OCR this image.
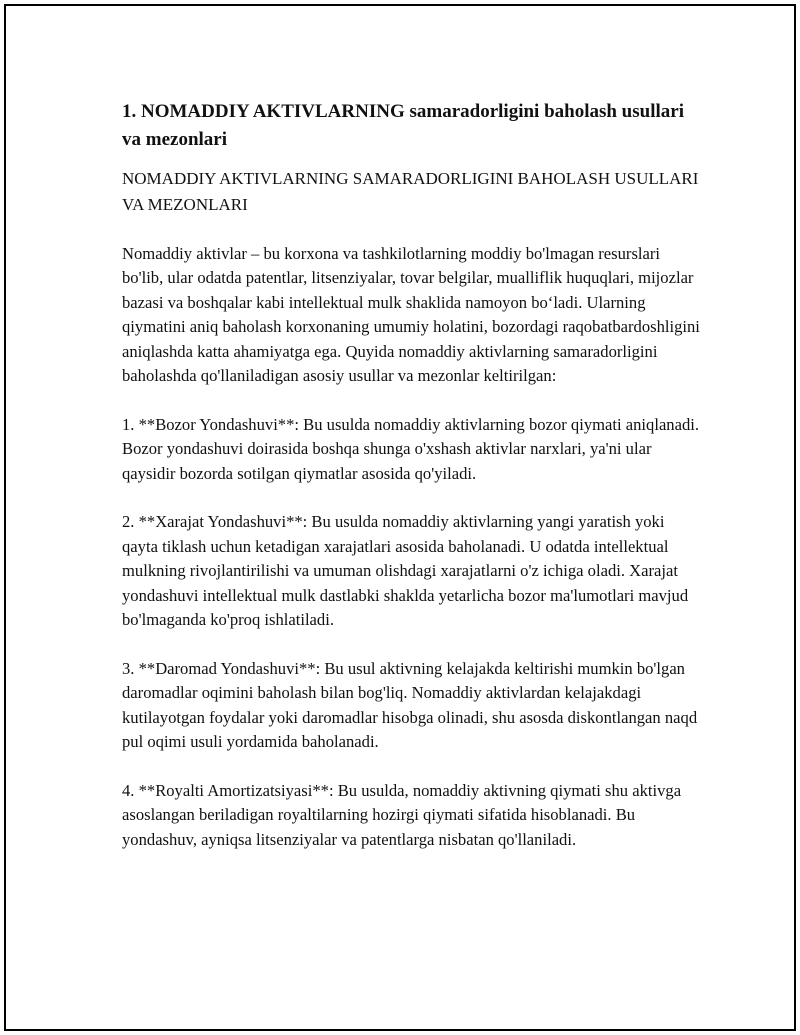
1. NOMADDIY AKTIVLARNING samaradorligini baholash usullari va mezonlari
NOMADDIY AKTIVLARNING SAMARADORLIGINI BAHOLASH USULLARI VA MEZONLARI

Nomaddiy aktivlar – bu korxona va tashkilotlarning moddiy bo'lmagan resurslari bo'lib, ular odatda patentlar, litsenziyalar, tovar belgilar, mualliflik huquqlari, mijozlar bazasi va boshqalar kabi intellektual mulk shaklida namoyon bo‘ladi. Ularning qiymatini aniq baholash korxonaning umumiy holatini, bozordagi raqobatbardoshligini aniqlashda katta ahamiyatga ega. Quyida nomaddiy aktivlarning samaradorligini baholashda qo'llaniladigan asosiy usullar va mezonlar keltirilgan:

1. **Bozor Yondashuvi**: Bu usulda nomaddiy aktivlarning bozor qiymati aniqlanadi. Bozor yondashuvi doirasida boshqa shunga o'xshash aktivlar narxlari, ya'ni ular qaysidir bozorda sotilgan qiymatlar asosida qo'yiladi.

2. **Xarajat Yondashuvi**: Bu usulda nomaddiy aktivlarning yangi yaratish yoki qayta tiklash uchun ketadigan xarajatlari asosida baholanadi. U odatda intellektual mulkning rivojlantirilishi va umuman olishdagi xarajatlarni o'z ichiga oladi. Xarajat yondashuvi intellektual mulk dastlabki shaklda yetarlicha bozor ma'lumotlari mavjud bo'lmaganda ko'proq ishlatiladi.

3. **Daromad Yondashuvi**: Bu usul aktivning kelajakda keltirishi mumkin bo'lgan daromadlar oqimini baholash bilan bog'liq. Nomaddiy aktivlardan kelajakdagi kutilayotgan foydalar yoki daromadlar hisobga olinadi, shu asosda diskontlangan naqd pul oqimi usuli yordamida baholanadi.

4. **Royalti Amortizatsiyasi**: Bu usulda, nomaddiy aktivning qiymati shu aktivga asoslangan beriladigan royaltilarning hozirgi qiymati sifatida hisoblanadi. Bu yondashuv, ayniqsa litsenziyalar va patentlarga nisbatan qo'llaniladi.
